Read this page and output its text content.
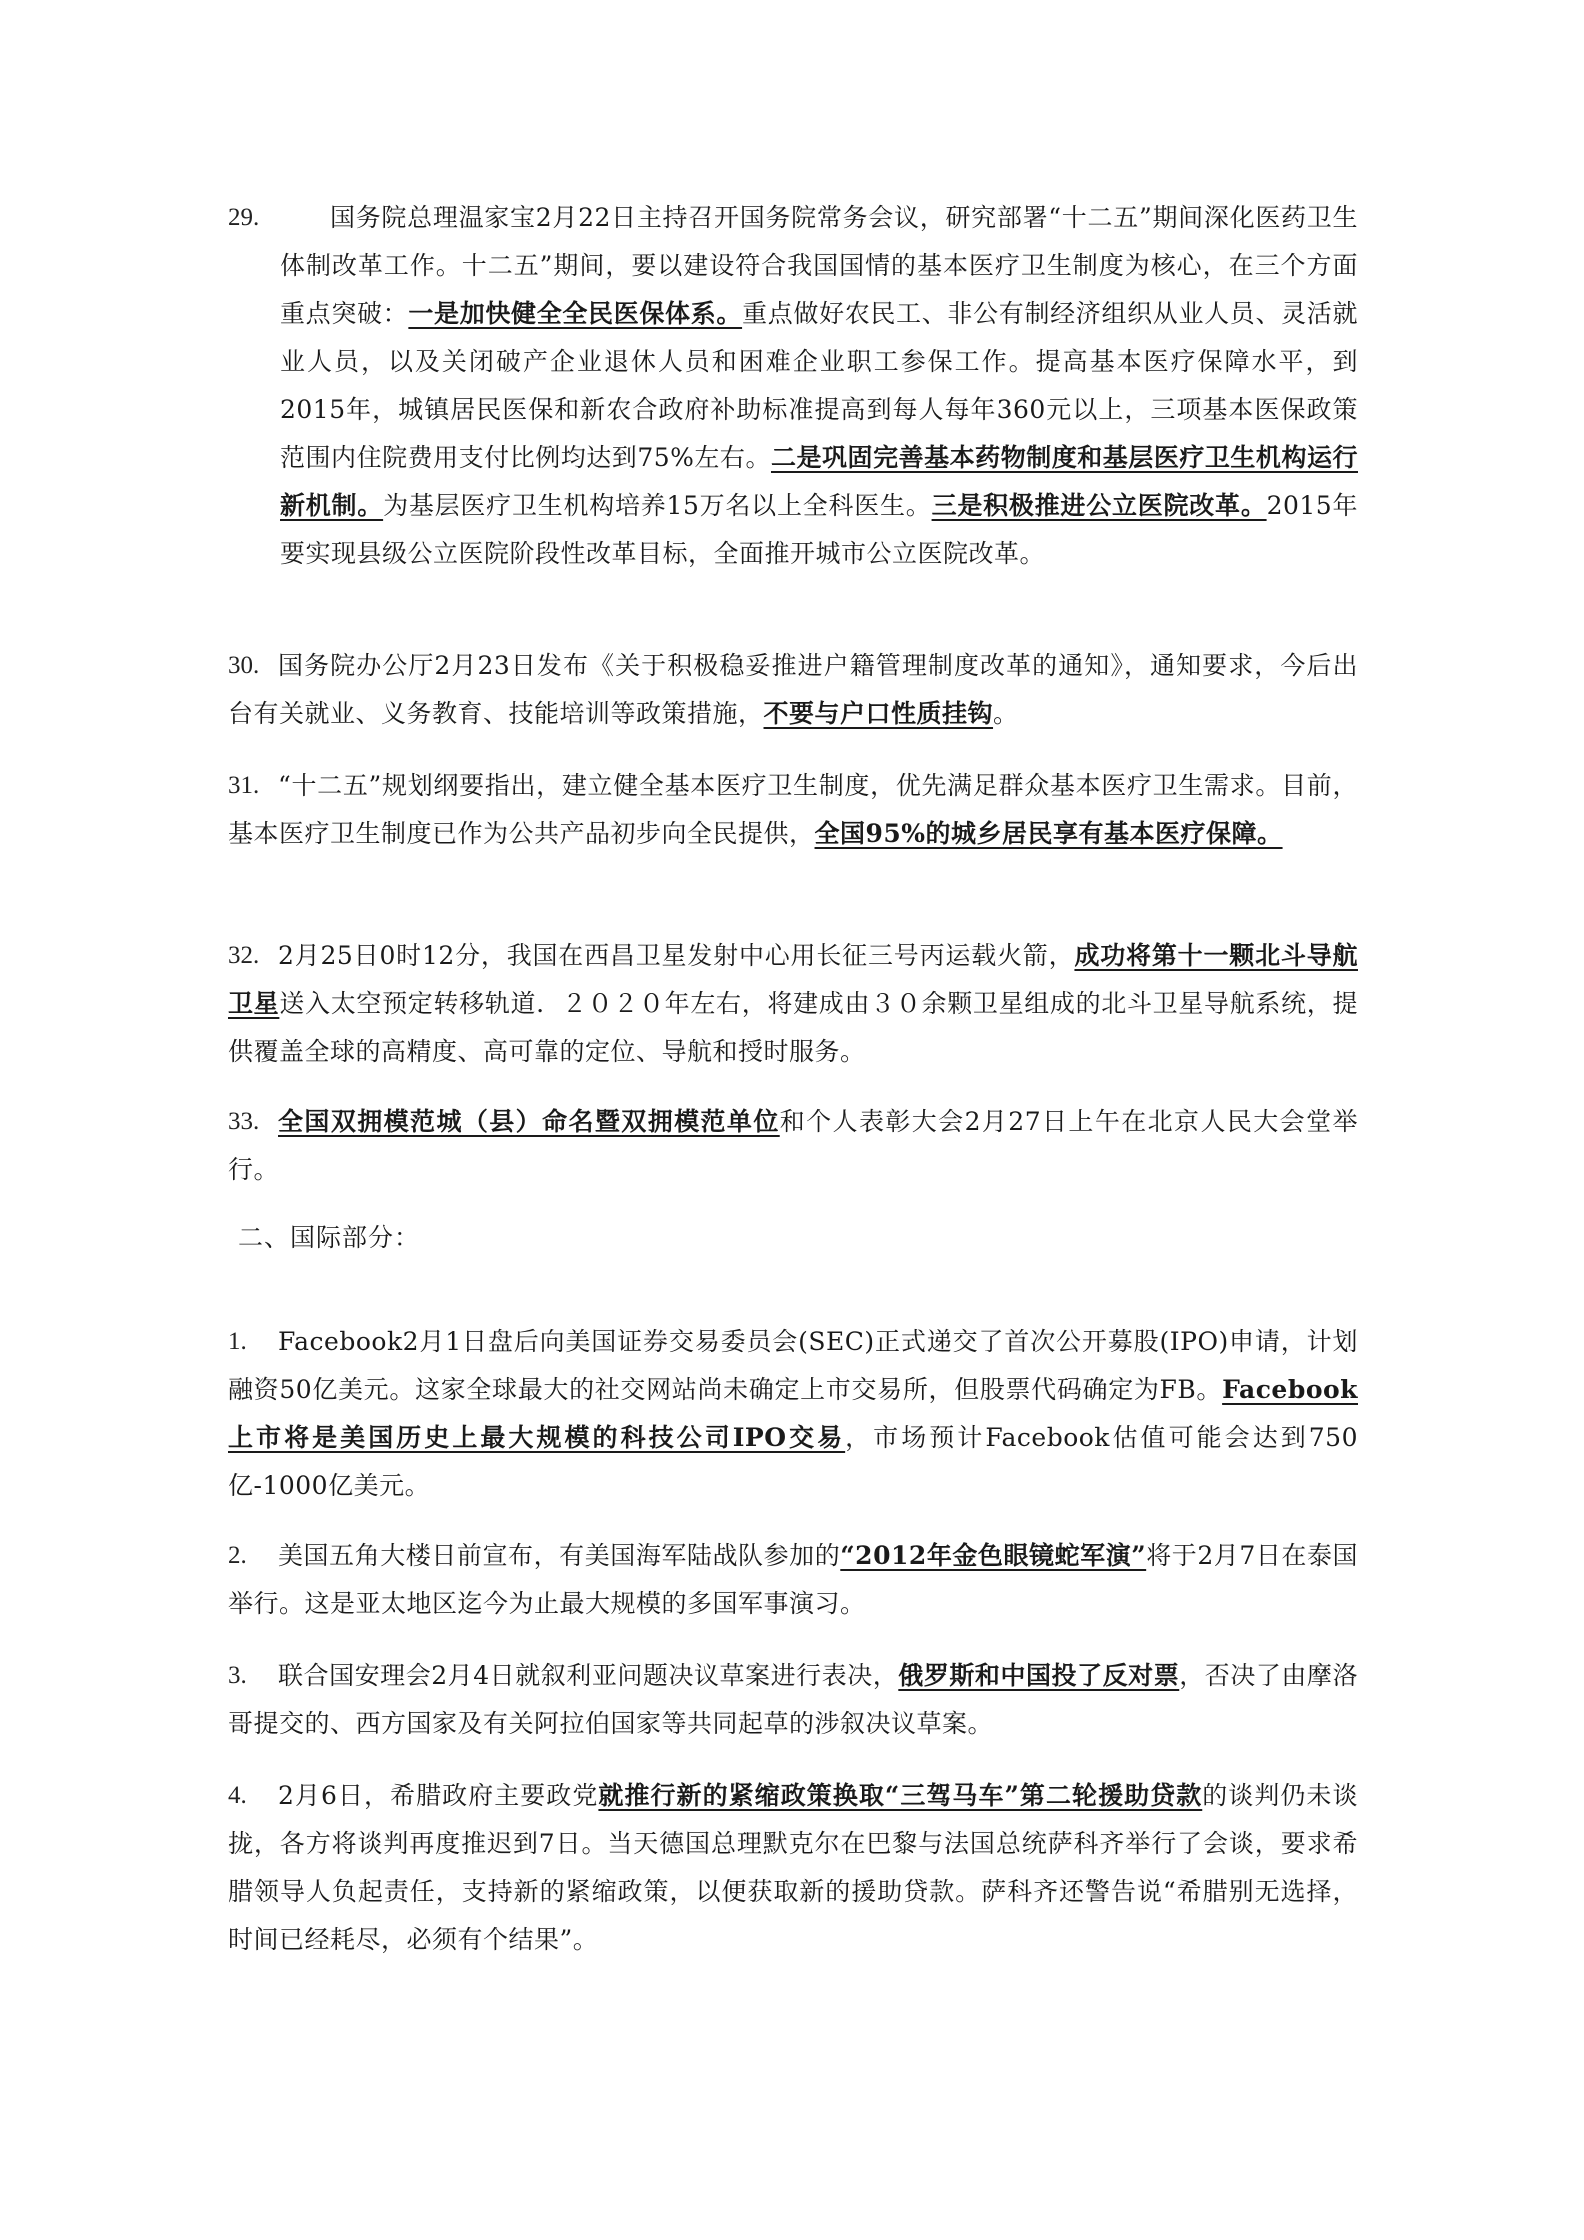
29.	国务院总理温家宝2月22日主持召开国务院常务会议，研究部署“十二五”期间深化医药卫生体制改革工作。十二五”期间，要以建设符合我国国情的基本医疗卫生制度为核心，在三个方面重点突破：一是加快健全全民医保体系。重点做好农民工、非公有制经济组织从业人员、灵活就业人员，以及关闭破产企业退休人员和困难企业职工参保工作。提高基本医疗保障水平，到2015年，城镇居民医保和新农合政府补助标准提高到每人每年360元以上，三项基本医保政策范围内住院费用支付比例均达到75%左右。二是巩固完善基本药物制度和基层医疗卫生机构运行新机制。为基层医疗卫生机构培养15万名以上全科医生。三是积极推进公立医院改革。2015年要实现县级公立医院阶段性改革目标，全面推开城市公立医院改革。

30. 国务院办公厅2月23日发布《关于积极稳妥推进户籍管理制度改革的通知》，通知要求，今后出台有关就业、义务教育、技能培训等政策措施，不要与户口性质挂钩。

31. “十二五”规划纲要指出，建立健全基本医疗卫生制度，优先满足群众基本医疗卫生需求。目前，基本医疗卫生制度已作为公共产品初步向全民提供，全国95%的城乡居民享有基本医疗保障。

32. 2月25日0时12分，我国在西昌卫星发射中心用长征三号丙运载火箭，成功将第十一颗北斗导航卫星送入太空预定转移轨道．２０２０年左右，将建成由３０余颗卫星组成的北斗卫星导航系统，提供覆盖全球的高精度、高可靠的定位、导航和授时服务。

33. 全国双拥模范城（县）命名暨双拥模范单位和个人表彰大会2月27日上午在北京人民大会堂举行。

二、国际部分：
1.	Facebook2月1日盘后向美国证券交易委员会(SEC)正式递交了首次公开募股(IPO)申请，计划融资50亿美元。这家全球最大的社交网站尚未确定上市交易所，但股票代码确定为FB。Facebook上市将是美国历史上最大规模的科技公司IPO交易，市场预计Facebook估值可能会达到750亿-1000亿美元。

2.	美国五角大楼日前宣布，有美国海军陆战队参加的“2012年金色眼镜蛇军演”将于2月7日在泰国举行。这是亚太地区迄今为止最大规模的多国军事演习。

3.	联合国安理会2月4日就叙利亚问题决议草案进行表决，俄罗斯和中国投了反对票，否决了由摩洛哥提交的、西方国家及有关阿拉伯国家等共同起草的涉叙决议草案。

4.	2月6日，希腊政府主要政党就推行新的紧缩政策换取“三驾马车”第二轮援助贷款的谈判仍未谈拢，各方将谈判再度推迟到7日。当天德国总理默克尔在巴黎与法国总统萨科齐举行了会谈，要求希腊领导人负起责任，支持新的紧缩政策，以便获取新的援助贷款。萨科齐还警告说“希腊别无选择，时间已经耗尽，必须有个结果”。
